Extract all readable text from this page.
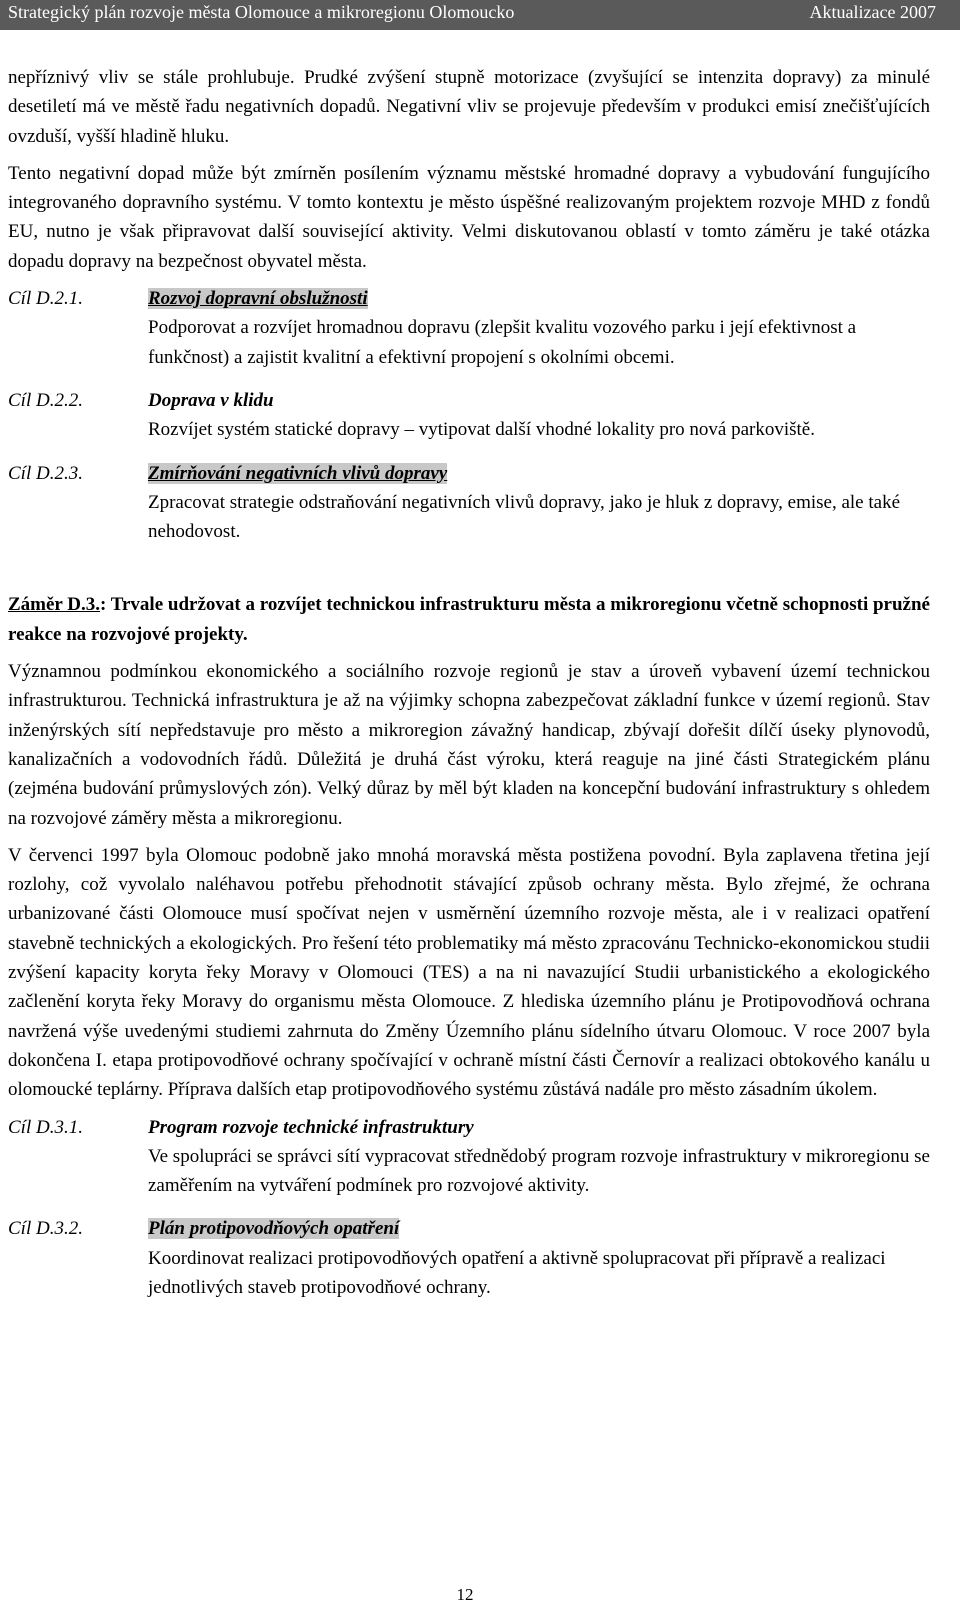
Strategický plán rozvoje města Olomouce a mikroregionu Olomoucko	Aktualizace 2007

nepříznivý vliv se stále prohlubuje. Prudké zvýšení stupně motorizace (zvyšující se intenzita dopravy) za minulé desetiletí má ve městě řadu negativních dopadů. Negativní vliv se projevuje především v produkci emisí znečišťujících ovzduší, vyšší hladině hluku.

Tento negativní dopad může být zmírněn posílením významu městské hromadné dopravy a vybudování fungujícího integrovaného dopravního systému. V tomto kontextu je město úspěšné realizovaným projektem rozvoje MHD z fondů EU, nutno je však připravovat další související aktivity. Velmi diskutovanou oblastí v tomto záměru je také otázka dopadu dopravy na bezpečnost obyvatel města.

Cíl D.2.1.	Rozvoj dopravní obslužnosti
Podporovat a rozvíjet hromadnou dopravu (zlepšit kvalitu vozového parku i její efektivnost a funkčnost) a zajistit kvalitní a efektivní propojení s okolními obcemi.
Cíl D.2.2.	Doprava v klidu
Rozvíjet systém statické dopravy – vytipovat další vhodné lokality pro nová parkoviště.
Cíl D.2.3.	Zmírňování negativních vlivů dopravy
Zpracovat strategie odstraňování negativních vlivů dopravy, jako je hluk z dopravy, emise, ale také nehodovost.

Záměr D.3.: Trvale udržovat a rozvíjet technickou infrastrukturu města a mikroregionu včetně schopnosti pružné reakce na rozvojové projekty.

Významnou podmínkou ekonomického a sociálního rozvoje regionů je stav a úroveň vybavení území technickou infrastrukturou. Technická infrastruktura je až na výjimky schopna zabezpečovat základní funkce v území regionů. Stav inženýrských sítí nepředstavuje pro město a mikroregion závažný handicap, zbývají dořešit dílčí úseky plynovodů, kanalizačních a vodovodních řádů. Důležitá je druhá část výroku, která reaguje na jiné části Strategickém plánu (zejména budování průmyslových zón). Velký důraz by měl být kladen na koncepční budování infrastruktury s ohledem na rozvojové záměry města a mikroregionu.

V červenci 1997 byla Olomouc podobně jako mnohá moravská města postižena povodní. Byla zaplavena třetina její rozlohy, což vyvolalo naléhavou potřebu přehodnotit stávající způsob ochrany města. Bylo zřejmé, že ochrana urbanizované části Olomouce musí spočívat nejen v usměrnění územního rozvoje města, ale i v realizaci opatření stavebně technických a ekologických. Pro řešení této problematiky má město zpracovánu Technicko-ekonomickou studii zvýšení kapacity koryta řeky Moravy v Olomouci (TES) a na ni navazující Studii urbanistického a ekologického začlenění koryta řeky Moravy do organismu města Olomouce. Z hlediska územního plánu je Protipovodňová ochrana navržená výše uvedenými studiemi zahrnuta do Změny Územního plánu sídelního útvaru Olomouc. V roce 2007 byla dokončena I. etapa protipovodňové ochrany spočívající v ochraně místní části Černovír a realizaci obtokového kanálu u olomoucké teplárny. Příprava dalších etap protipovodňového systému zůstává nadále pro město zásadním úkolem.

Cíl D.3.1.	Program rozvoje technické infrastruktury
Ve spolupráci se správci sítí vypracovat střednědobý program rozvoje infrastruktury v mikroregionu se zaměřením na vytváření podmínek pro rozvojové aktivity.
Cíl D.3.2.	Plán protipovodňových opatření
Koordinovat realizaci protipovodňových opatření a aktivně spolupracovat při přípravě a realizaci jednotlivých staveb protipovodňové ochrany.
12
